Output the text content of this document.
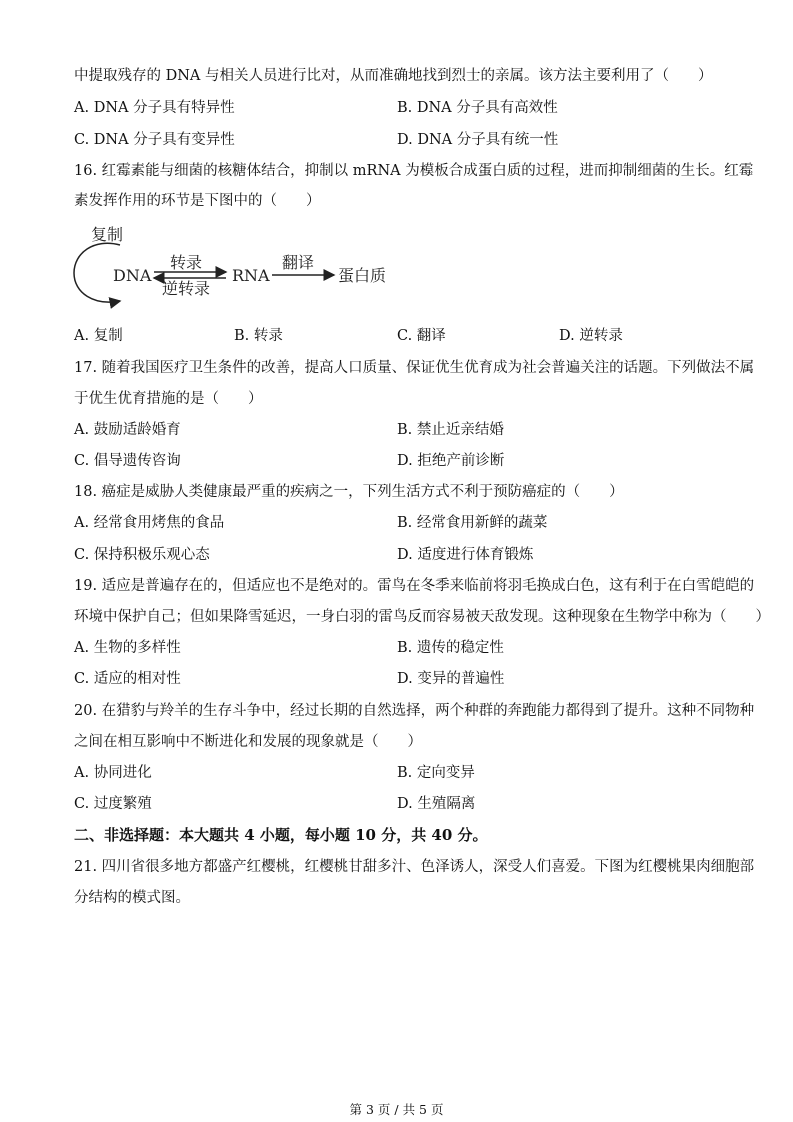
中提取残存的 DNA 与相关人员进行比对，从而准确地找到烈士的亲属。该方法主要利用了（　　）
A. DNA 分子具有特异性	B. DNA 分子具有高效性
C. DNA 分子具有变异性	D. DNA 分子具有统一性
16. 红霉素能与细菌的核糖体结合，抑制以 mRNA 为模板合成蛋白质的过程，进而抑制细菌的生长。红霉
素发挥作用的环节是下图中的（　　）
复制
DNA
转录
逆转录
RNA
翻译
蛋白质
A. 复制	B. 转录	C. 翻译	D. 逆转录
17. 随着我国医疗卫生条件的改善，提高人口质量、保证优生优育成为社会普遍关注的话题。下列做法不属
于优生优育措施的是（　　）
A. 鼓励适龄婚育	B. 禁止近亲结婚
C. 倡导遗传咨询	D. 拒绝产前诊断
18. 癌症是威胁人类健康最严重的疾病之一，下列生活方式不利于预防癌症的（　　）
A. 经常食用烤焦的食品	B. 经常食用新鲜的蔬菜
C. 保持积极乐观心态	D. 适度进行体育锻炼
19. 适应是普遍存在的，但适应也不是绝对的。雷鸟在冬季来临前将羽毛换成白色，这有利于在白雪皑皑的
环境中保护自己；但如果降雪延迟，一身白羽的雷鸟反而容易被天敌发现。这种现象在生物学中称为（　　）
A. 生物的多样性	B. 遗传的稳定性
C. 适应的相对性	D. 变异的普遍性
20. 在猎豹与羚羊的生存斗争中，经过长期的自然选择，两个种群的奔跑能力都得到了提升。这种不同物种
之间在相互影响中不断进化和发展的现象就是（　　）
A. 协同进化	B. 定向变异
C. 过度繁殖	D. 生殖隔离
二、非选择题：本大题共 4 小题，每小题 10 分，共 40 分。
21. 四川省很多地方都盛产红樱桃，红樱桃甘甜多汁、色泽诱人，深受人们喜爱。下图为红樱桃果肉细胞部
分结构的模式图。
第 3 页 / 共 5 页
